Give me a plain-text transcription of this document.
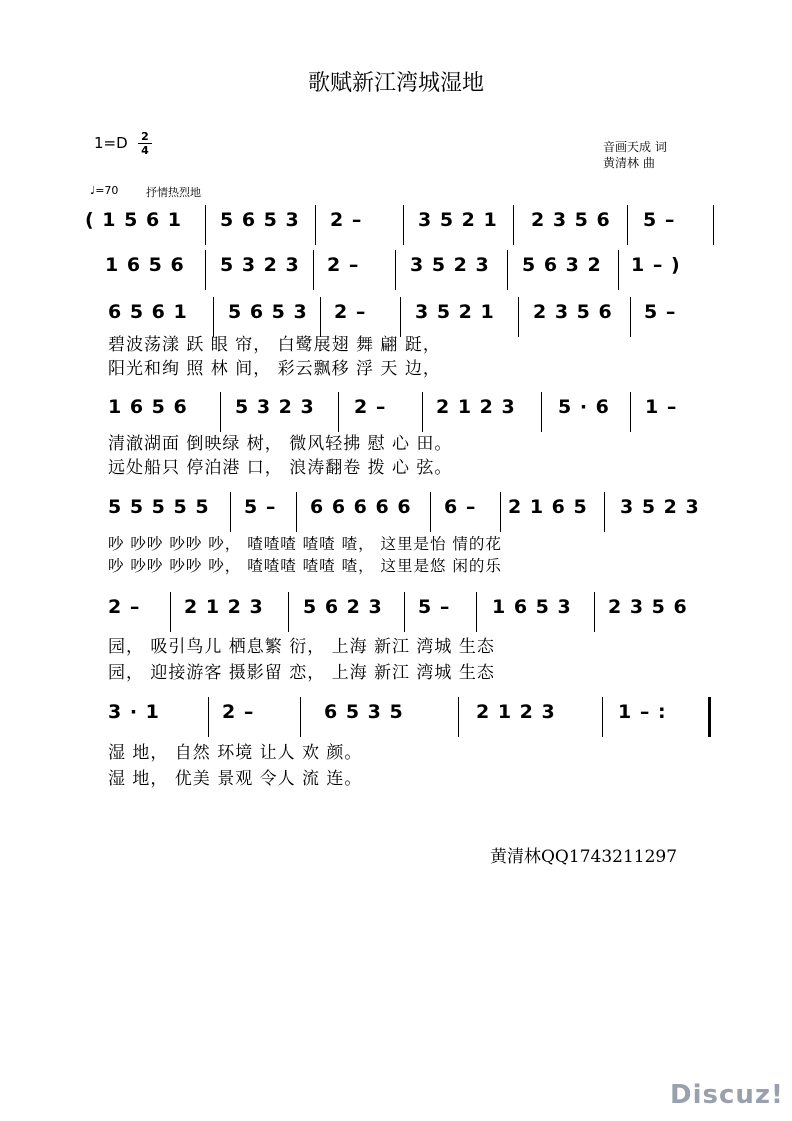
歌赋新江湾城湿地
1=D 2
4	音画天成 词
黄清林 曲
♩=70	抒情热烈地
( 1 5 6 1 5 6 5 3 2 –	3 5 2 1 2 3 5 6 5 –
1 6 5 6 5 3 2 3 2 –	3 5 2 3 5 6 3 2 1 – )
6 5 6 1 5 6 5 3 2 –	3 5 2 1 2 3 5 6 5 –
碧波荡漾 跃 眼 帘， 白鹭展翅 舞 翩 跹，
阳光和绚 照 林 间， 彩云飘移 浮 天 边，
1 6 5 6 5 3 2 3 2 –	2 1 2 3 5 · 6 1 –
清澈湖面 倒映绿 树， 微风轻拂 慰 心 田。
远处船只 停泊港 口， 浪涛翻卷 拨 心 弦。
5 5 5 5 5 5 – 6 6 6 6 6 6 – 2 1 6 5 3 5 2 3
吵 吵吵 吵吵 吵， 喳喳喳 喳喳 喳， 这里是怡 情的花
吵 吵吵 吵吵 吵， 喳喳喳 喳喳 喳， 这里是悠 闲的乐
2 – 2 1 2 3 5 6 2 3 5 – 1 6 5 3 2 3 5 6
园， 吸引鸟儿 栖息繁 衍， 上海 新江 湾城 生态
园， 迎接游客 摄影留 恋， 上海 新江 湾城 生态
3 · 1	2 –	6 5 3 5	2 1 2 3	1 – :
湿 地， 自然 环境 让人 欢 颜。
湿 地， 优美 景观 令人 流 连。
黄清林QQ1743211297
Discuz!
